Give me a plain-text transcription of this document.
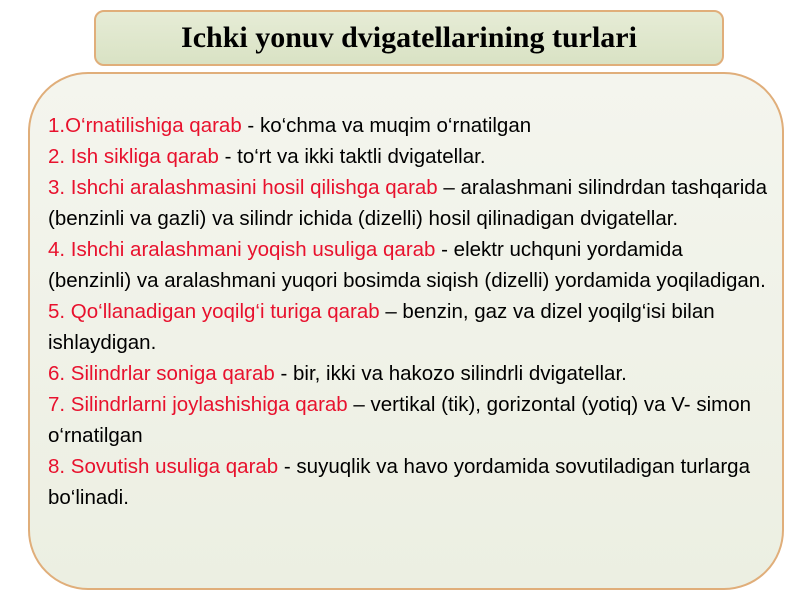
Ichki yonuv dvigatellarining turlari

1.O‘rnatilishiga qarab - ko‘chma va muqim o‘rnatilgan

2. Ish sikliga qarab - to‘rt va ikki taktli dvigatellar.

3. Ishchi aralashmasini hosil qilishga qarab – aralashmani silindrdan tashqarida (benzinli va gazli) va silindr ichida (dizelli) hosil qilinadigan dvigatellar.

4. Ishchi aralashmani yoqish usuliga qarab - elektr uchquni yordamida (benzinli) va aralashmani yuqori bosimda siqish (dizelli) yordamida yoqiladigan.

5. Qo‘llanadigan yoqilg‘i turiga qarab – benzin, gaz va dizel yoqilg‘isi bilan ishlaydigan.

6. Silindrlar soniga qarab - bir, ikki va hakozo silindrli dvigatellar.

7. Silindrlarni joylashishiga qarab – vertikal (tik), gorizontal (yotiq) va V- simon o‘rnatilgan

8. Sovutish usuliga qarab - suyuqlik va havo yordamida sovutiladigan turlarga bo‘linadi.
